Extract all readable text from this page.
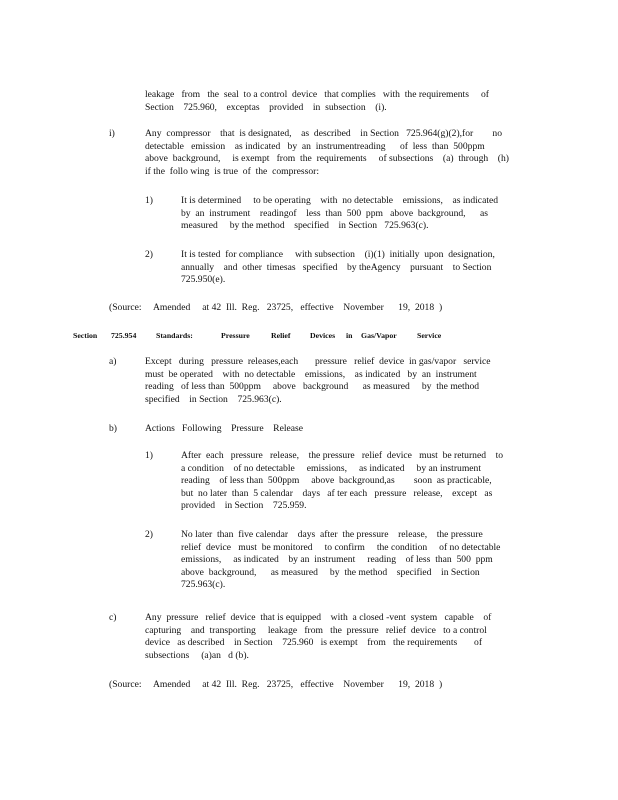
leakage   from   the  seal  to a control  device   that complies   with  the requirements     of
Section    725.960,    exceptas    provided    in  subsection    (i).
i)	Any  compressor    that  is designated,    as  described    in Section   725.964(g)(2),for        no
detectable   emission    as indicated   by  an  instrumentreading      of  less  than  500ppm
above  background,     is exempt   from  the  requirements     of subsections    (a)  through    (h)
if the  follo wing  is true  of  the  compressor:
1)	It is determined     to be operating    with  no detectable    emissions,    as indicated
by  an  instrument    readingof    less  than  500  ppm   above  background,      as
measured     by the method    specified    in Section   725.963(c).
2)	It is tested  for compliance     with subsection    (i)(1)  initially  upon  designation,
annually    and  other  timesas   specified    by theAgency    pursuant    to Section
725.950(e).
(Source:     Amended     at 42  Ill.  Reg.   23725,   effective    November      19,  2018  )
Section 725.954	Standards:	Pressure	Relief	Devices in Gas/Vapor	Service
a)	Except   during   pressure  releases,each       pressure   relief  device  in gas/vapor   service
must  be operated    with  no detectable    emissions,    as indicated   by  an  instrument
reading   of less than  500ppm     above   background      as measured     by  the method
specified    in Section    725.963(c).
b)	Actions   Following    Pressure    Release
1)	After  each   pressure   release,    the pressure   relief  device   must  be returned    to
a condition    of no detectable     emissions,     as indicated     by an instrument
reading    of less than  500ppm     above  background,as        soon  as practicable,
but  no later  than  5 calendar    days   af ter each   pressure   release,    except   as
provided    in Section    725.959.
2)	No later  than  five calendar    days  after  the pressure    release,    the pressure
relief  device   must  be monitored     to confirm     the condition     of no detectable
emissions,     as indicated    by an  instrument     reading    of less  than  500  ppm
above  background,      as measured     by  the method    specified    in Section
725.963(c).
c)	Any  pressure   relief  device  that is equipped    with  a closed -vent  system   capable    of
capturing    and  transporting     leakage   from   the  pressure   relief  device   to a control
device   as described    in Section    725.960   is exempt    from   the requirements       of
subsections     (a)an   d (b).
(Source:     Amended     at 42  Ill.  Reg.   23725,   effective    November      19,  2018  )
